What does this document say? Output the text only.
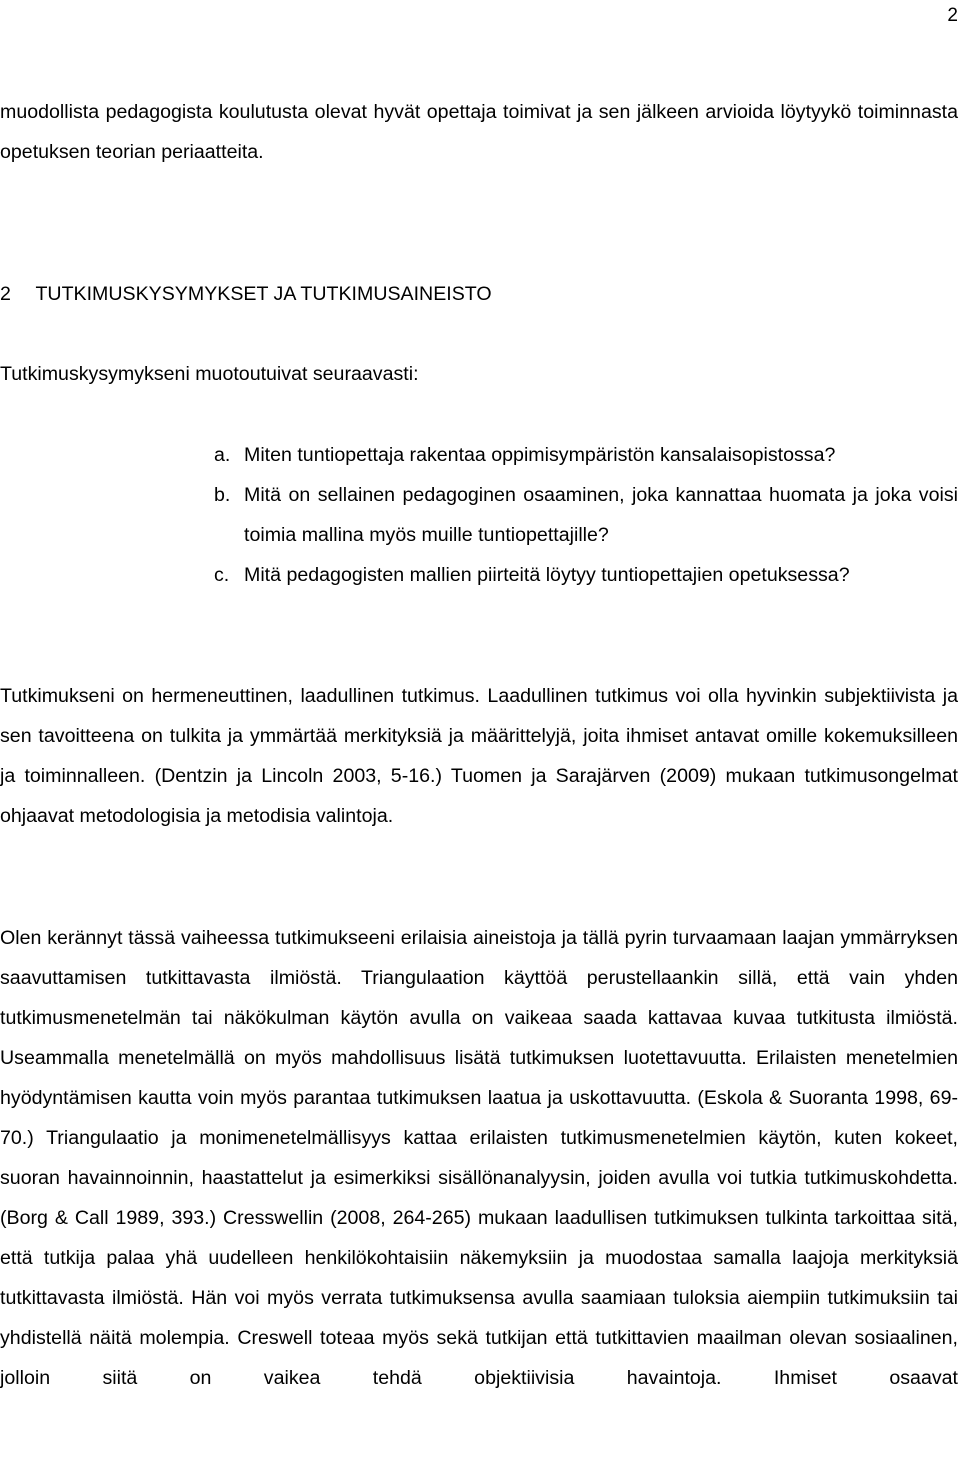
2

muodollista pedagogista koulutusta olevat hyvät opettaja toimivat ja sen jälkeen arvioida löytyykö toiminnasta opetuksen teorian periaatteita.

2 TUTKIMUSKYSYMYKSET JA TUTKIMUSAINEISTO

Tutkimuskysymykseni muotoutuivat seuraavasti:

a. Miten tuntiopettaja rakentaa oppimisympäristön kansalaisopistossa?
b. Mitä on sellainen pedagoginen osaaminen, joka kannattaa huomata ja joka voisi toimia mallina myös muille tuntiopettajille?
c. Mitä pedagogisten mallien piirteitä löytyy tuntiopettajien opetuksessa?

Tutkimukseni on hermeneuttinen, laadullinen tutkimus. Laadullinen tutkimus voi olla hyvinkin subjektiivista ja sen tavoitteena on tulkita ja ymmärtää merkityksiä ja määrittelyjä, joita ihmiset antavat omille kokemuksilleen ja toiminnalleen. (Dentzin ja Lincoln 2003, 5-16.) Tuomen ja Sarajärven (2009) mukaan tutkimusongelmat ohjaavat metodologisia ja metodisia valintoja.

Olen kerännyt tässä vaiheessa tutkimukseeni erilaisia aineistoja ja tällä pyrin turvaamaan laajan ymmärryksen saavuttamisen tutkittavasta ilmiöstä. Triangulaation käyttöä perustellaankin sillä, että vain yhden tutkimusmenetelmän tai näkökulman käytön avulla on vaikeaa saada kattavaa kuvaa tutkitusta ilmiöstä. Useammalla menetelmällä on myös mahdollisuus lisätä tutkimuksen luotettavuutta. Erilaisten menetelmien hyödyntämisen kautta voin myös parantaa tutkimuksen laatua ja uskottavuutta. (Eskola & Suoranta 1998, 69-70.) Triangulaatio ja monimenetelmällisyys kattaa erilaisten tutkimusmenetelmien käytön, kuten kokeet, suoran havainnoinnin, haastattelut ja esimerkiksi sisällönanalyysin, joiden avulla voi tutkia tutkimuskohdetta. (Borg & Call 1989, 393.) Cresswellin (2008, 264-265) mukaan laadullisen tutkimuksen tulkinta tarkoittaa sitä, että tutkija palaa yhä uudelleen henkilökohtaisiin näkemyksiin ja muodostaa samalla laajoja merkityksiä tutkittavasta ilmiöstä. Hän voi myös verrata tutkimuksensa avulla saamiaan tuloksia aiempiin tutkimuksiin tai yhdistellä näitä molempia. Creswell toteaa myös sekä tutkijan että tutkittavien maailman olevan sosiaalinen, jolloin siitä on vaikea tehdä objektiivisia havaintoja. Ihmiset osaavat
